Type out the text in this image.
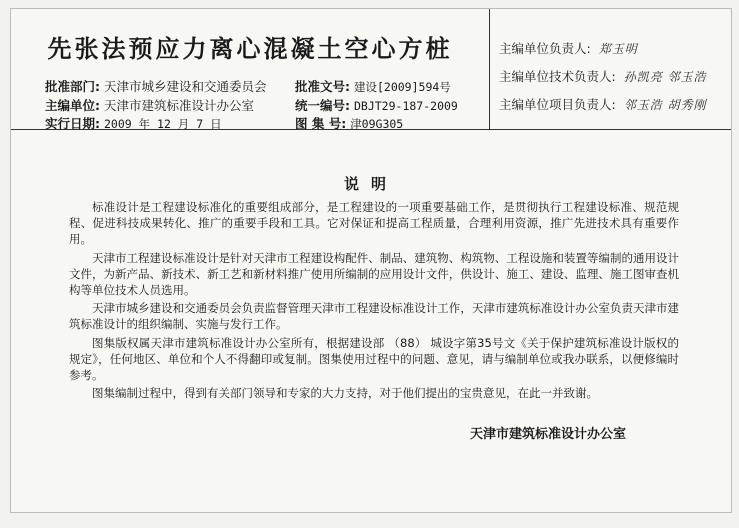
先张法预应力离心混凝土空心方桩
批准部门: 天津市城乡建设和交通委员会 批准文号: 建设[2009]594号
主编单位: 天津市建筑标准设计办公室	统一编号: DBJT29-187-2009
实行日期: 2009 年 12 月 7 日	图 集 号: 津09G305
主编单位负责人: 郑玉明
主编单位技术负责人: 孙凯亮 邻玉浩
主编单位项目负责人: 邻玉浩 胡秀刚
说明

标准设计是工程建设标准化的重要组成部分，是工程建设的一项重要基础工作，是贯彻执行工程建设标准、规范规程、促进科技成果转化、推广的重要手段和工具。它对保证和提高工程质量，合理利用资源，推广先进技术具有重要作用。

天津市工程建设标准设计是针对天津市工程建设构配件、制品、建筑物、构筑物、工程设施和装置等编制的通用设计文件，为新产品、新技术、新工艺和新材料推广使用所编制的应用设计文件，供设计、施工、建设、监理、施工图审查机构等单位技术人员选用。

天津市城乡建设和交通委员会负责监督管理天津市工程建设标准设计工作，天津市建筑标准设计办公室负责天津市建筑标准设计的组织编制、实施与发行工作。

图集版权属天津市建筑标准设计办公室所有，根据建设部 （88） 城设字第35号文《关于保护建筑标准设计版权的规定》，任何地区、单位和个人不得翻印或复制。图集使用过程中的问题、意见，请与编制单位或我办联系，以便修编时参考。

图集编制过程中，得到有关部门领导和专家的大力支持，对于他们提出的宝贵意见，在此一并致谢。

天津市建筑标准设计办公室
